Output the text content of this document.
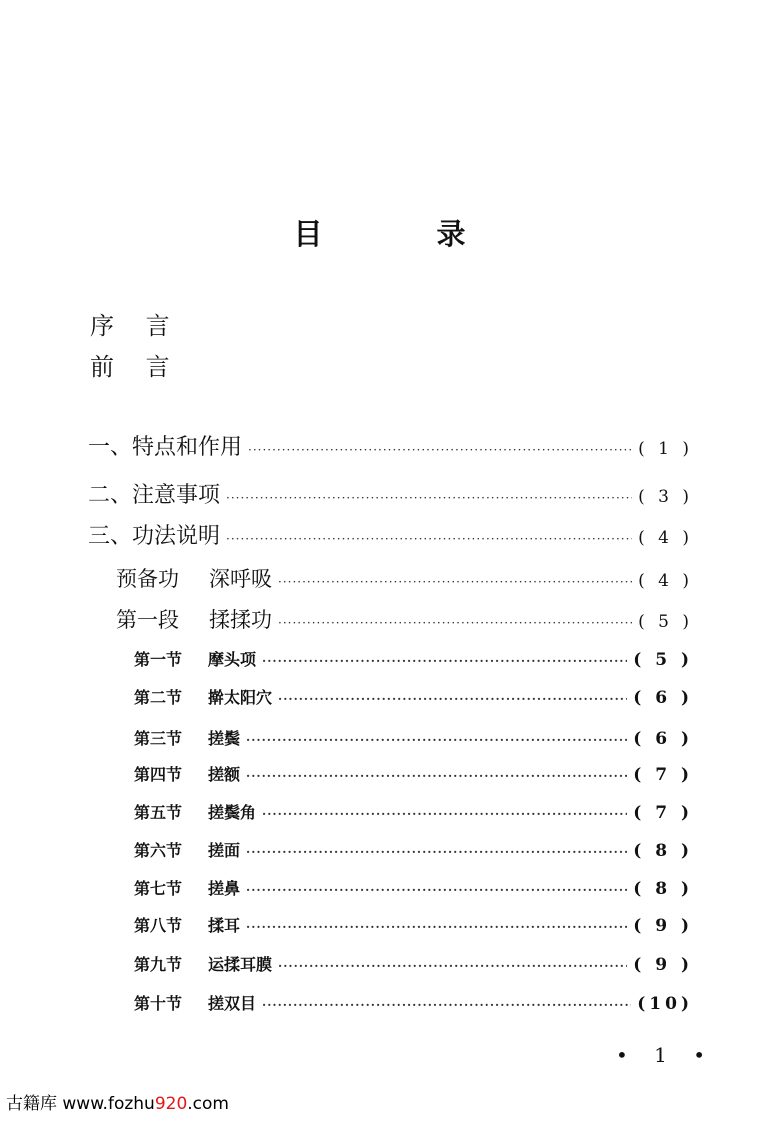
目 录
序 言
前 言
一、特点和作用 ·····	( 1 )
二、注意事项 ·····	( 3 )
三、功法说明 ·····	( 4 )
预备功 深呼吸 ·····	( 4 )
第一段 揉揉功 ·····	( 5 )
第一节 摩头项 ·····	( 5 )
第二节 擀太阳穴 ·····	( 6 )
第三节 搓鬓 ·····	( 6 )
第四节 搓额 ·····	( 7 )
第五节 搓鬓角 ·····	( 7 )
第六节 搓面 ·····	( 8 )
第七节 搓鼻 ·····	( 8 )
第八节 揉耳 ·····	( 9 )
第九节 运揉耳膜 ·····	( 9 )
第十节 搓双目 ·····	(10)
• 1 •
古籍库 www.fozhu920.com
